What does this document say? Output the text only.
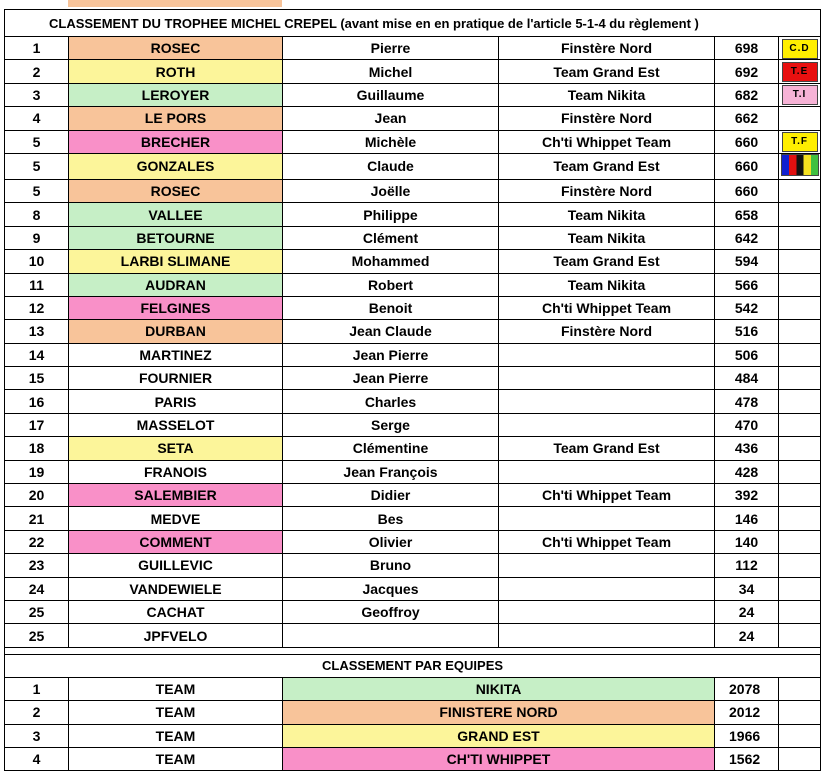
CLASSEMENT DU TROPHEE MICHEL CREPEL (avant mise en en pratique de l'article 5-1-4 du règlement )					
1	ROSEC	Pierre	Finstère Nord	698	C.D
2	ROTH	Michel	Team Grand Est	692	T.E
3	LEROYER	Guillaume	Team Nikita	682	T.I
4	LE PORS	Jean	Finstère Nord	662	
5	BRECHER	Michèle	Ch'ti Whippet Team	660	T.F
5	GONZALES	Claude	Team Grand Est	660	
5	ROSEC	Joëlle	Finstère Nord	660	
8	VALLEE	Philippe	Team Nikita	658	
9	BETOURNE	Clément	Team Nikita	642	
10	LARBI SLIMANE	Mohammed	Team Grand Est	594	
11	AUDRAN	Robert	Team Nikita	566	
12	FELGINES	Benoit	Ch'ti Whippet Team	542	
13	DURBAN	Jean Claude	Finstère Nord	516	
14	MARTINEZ	Jean Pierre		506	
15	FOURNIER	Jean Pierre		484	
16	PARIS	Charles		478	
17	MASSELOT	Serge		470	
18	SETA	Clémentine	Team Grand Est	436	
19	FRANOIS	Jean François		428	
20	SALEMBIER	Didier	Ch'ti Whippet Team	392	
21	MEDVE	Bes		146	
22	COMMENT	Olivier	Ch'ti Whippet Team	140	
23	GUILLEVIC	Bruno		112	
24	VANDEWIELE	Jacques		34	
25	CACHAT	Geoffroy		24	
25	JPFVELO			24	

CLASSEMENT PAR EQUIPES					
1	TEAM	NIKITA		2078	
2	TEAM	FINISTERE NORD		2012	
3	TEAM	GRAND EST		1966	
4	TEAM	CH'TI WHIPPET		1562	
